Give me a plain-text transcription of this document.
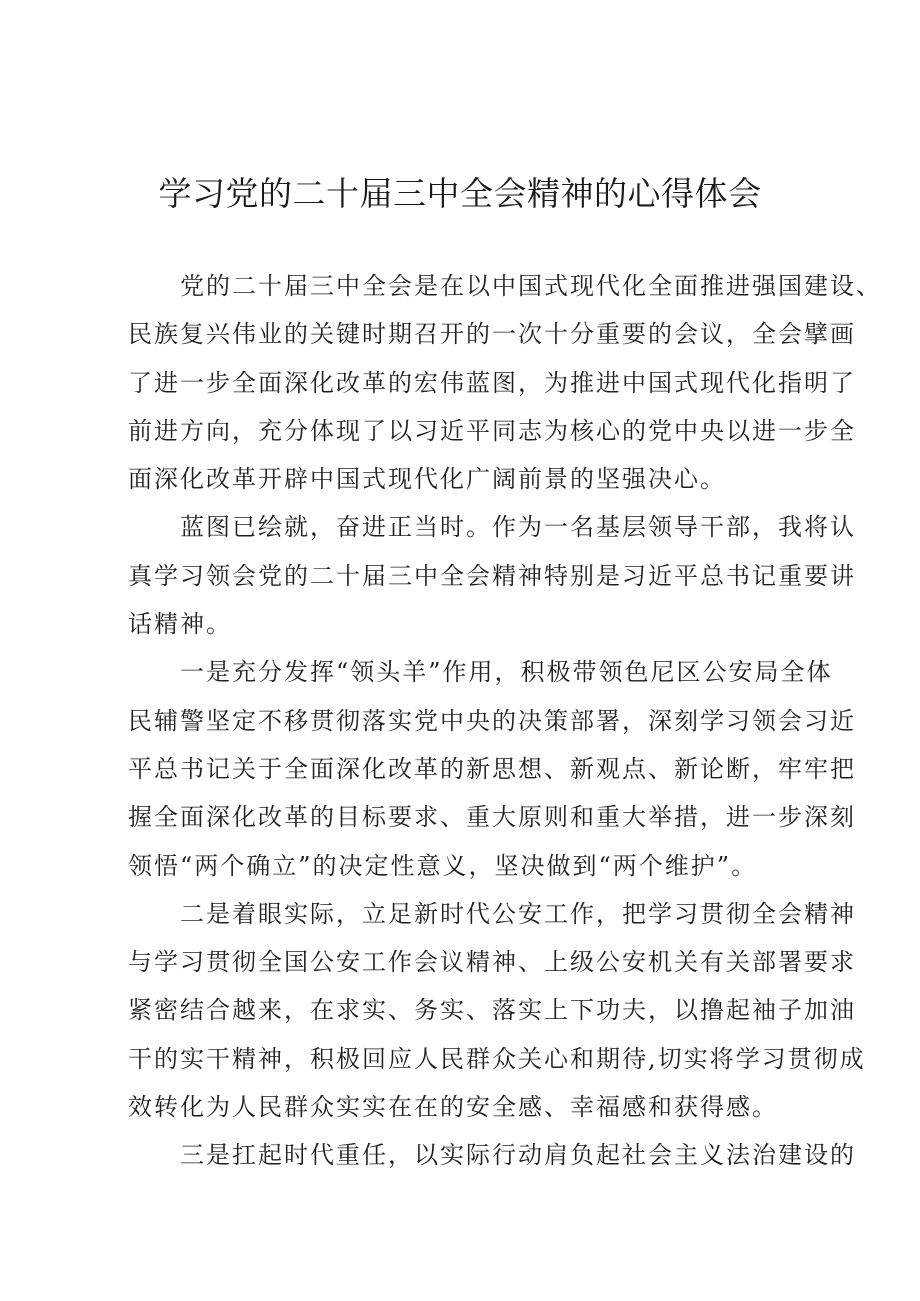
学习党的二十届三中全会精神的心得体会
党的二十届三中全会是在以中国式现代化全面推进强国建设、
民族复兴伟业的关键时期召开的一次十分重要的会议，全会擘画
了进一步全面深化改革的宏伟蓝图，为推进中国式现代化指明了
前进方向，充分体现了以习近平同志为核心的党中央以进一步全
面深化改革开辟中国式现代化广阔前景的坚强决心。
蓝图已绘就，奋进正当时。作为一名基层领导干部，我将认
真学习领会党的二十届三中全会精神特别是习近平总书记重要讲
话精神。
一是充分发挥“领头羊”作用，积极带领色尼区公安局全体
民辅警坚定不移贯彻落实党中央的决策部署，深刻学习领会习近
平总书记关于全面深化改革的新思想、新观点、新论断，牢牢把
握全面深化改革的目标要求、重大原则和重大举措，进一步深刻
领悟“两个确立”的决定性意义，坚决做到“两个维护”。
二是着眼实际，立足新时代公安工作，把学习贯彻全会精神
与学习贯彻全国公安工作会议精神、上级公安机关有关部署要求
紧密结合越来，在求实、务实、落实上下功夫，以撸起袖子加油
干的实干精神，积极回应人民群众关心和期待,切实将学习贯彻成
效转化为人民群众实实在在的安全感、幸福感和获得感。
三是扛起时代重任，以实际行动肩负起社会主义法治建设的
